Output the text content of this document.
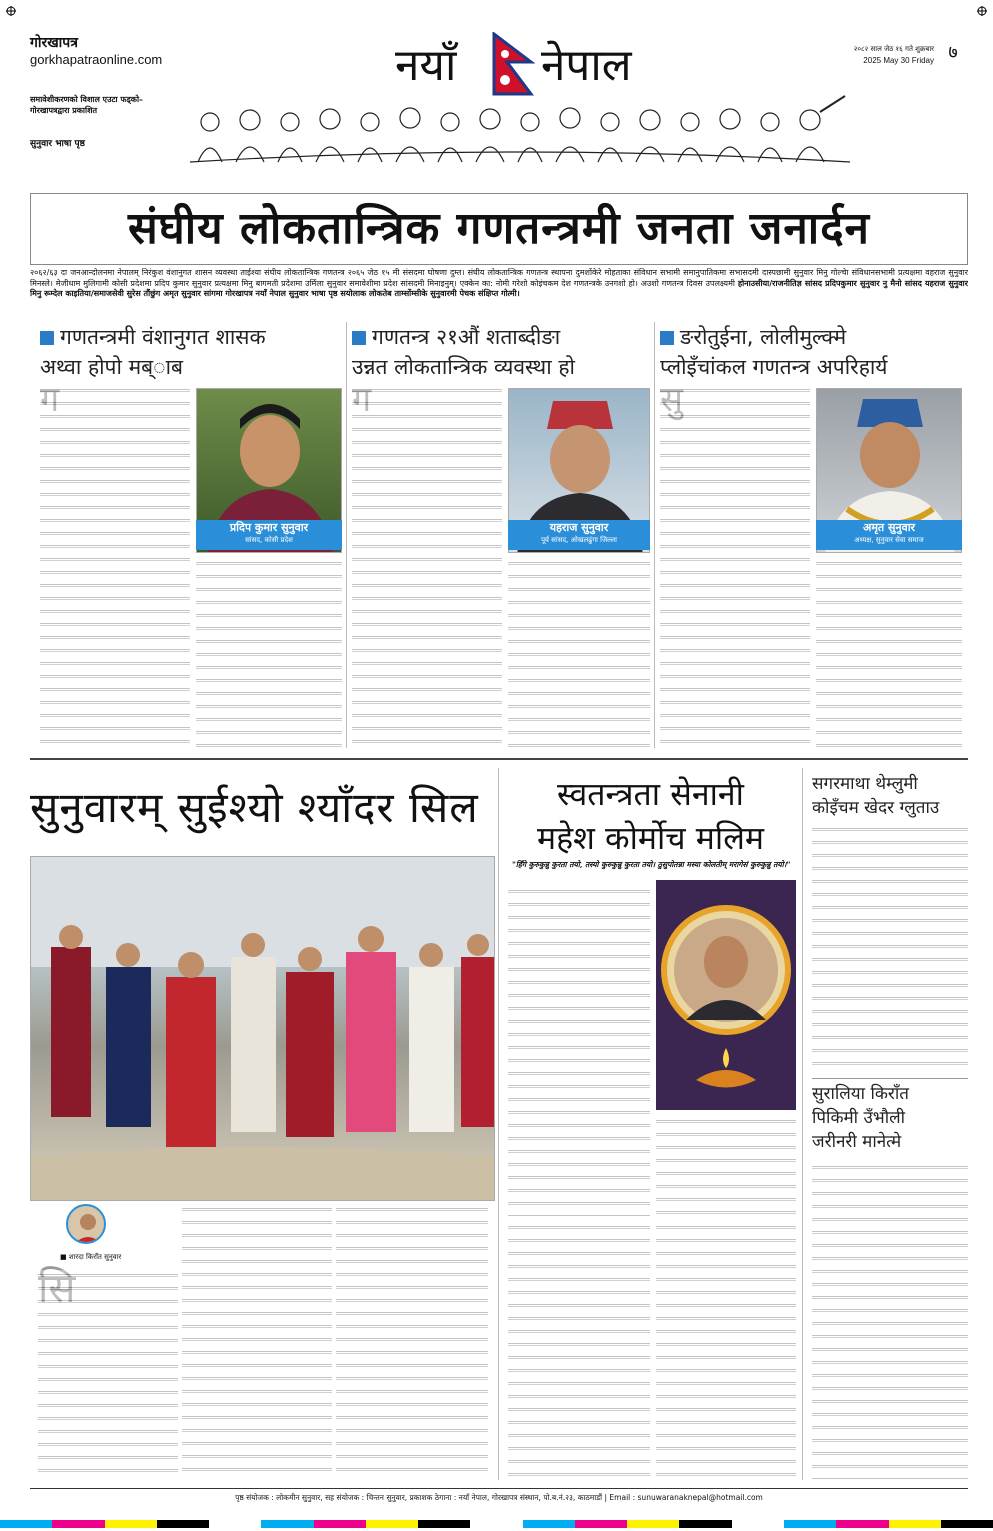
गोरखापत्र
gorkhapatraonline.com
समावेशीकरणको विशाल एउटा फड्को–
गोरखापत्रद्वारा प्रकाशित
सुनुवार भाषा पृष्ठ
नयाँ नेपाल	२०८२ साल जेठ १६ गते शुक्रबार
2025 May 30 Friday ७
संघीय लोकतान्त्रिक गणतन्त्रमी जनता जनार्दन
२०६२/६३ दा जनआन्दोलनमा नेपालम् निरंकुश वंशानुगत शासन व्यवस्था ताईश्‍या संघीय लोकतान्त्रिक गणतन्त्र २०६५ जेठ १५ मी संसदमा घोषणा दुम्त। संघीय लोकतान्त्रिक गणतन्त्र स्थापना दुमशोंकेरे मोहताका संविधान सभामी समानुपातिकमा सभासदमी दास्पछामी सुनुवार मिनु गोल्चेा संविधानसभामी प्रत्यक्षमा वहराज सुनुवार मिनस्ले। मेजीधाम मुलिगामी कोसी प्रदेशमा प्रदिप कुमार सुनुवार प्रत्यक्षमा मिनु बागमती प्रदेशमा उर्मिला सुनुवार समावेशीमा प्रदेश सांसदमी मिनाइनुम्। एक्केन का: नोमी गरेशो कोइंचकम देश गणतन्त्रके उनगशो हो। अउशो गणतन्त्र दिवस उपलक्ष्यमी होनाउसीया/राजनीतिज्ञ सांसद प्रदिपकुमार सुनुवार नु मैनो सांसद यहराज सुनुवार मिनु रूम्देल काइतिया/समाजसेवी सुरेस तौंछुंग अमृत सुनुवार सांगमा गोरखापत्र नयाँ नेपाल सुनुवार भाषा पृष्ठ सयोलाक लोकतेब ताम्सोंम्सीके सुनुवारमी पेचक संक्षिप्त गोत्मी।
गणतन्त्रमी वंशानुगत शासक
अथ्वा होपो मब्ाब
गणतन्त्र २१औं शताब्दीङा
उन्नत लोकतान्त्रिक व्यवस्था हो
ङरोतुईना, लोलीमुल्क्मे
प्लोइँचांकल गणतन्त्र अपरिहार्य
ग
प्रदिप कुमार सुनुवार
सांसद, कोसी प्रदेश
ग
यहराज सुनुवार
पूर्व सांसद, ओखलढुंगा जिल्ला
सु
अमृत सुनुवार
अध्यक्ष, सुनुवार सेवा समाज
सुनुवारम् सुईश्यो श्याँदर सिल
■ शारदा किराँत सुनुवार
सि
स्वतन्त्रता सेनानी
महेश कोर्मोच मलिम
"हिँगे कुरुकुन्नु कुरता तयो, तस्यो कुरुकुन्नु कुरता तयो। ठुसुपोतन्ना मस्या कोलतीम् मरागेसं कुरुकुन्नु तयो।"
सगरमाथा थेम्लुमी
कोइँचम खेदर ग्लुताउ
सुरालिया किराँत
पिकिमी उँभौली
जरीनरी मानेत्मे
पृष्ठ संयोजक : लोकमीन सुनुवार, सह संयोजक : चिन्तन सुनुवार, प्रकाशक ठेगाना : नयाँ नेपाल, गोरखापत्र संस्थान, पो.ब.नं.२३, काठमाडौं | Email : sunuwaranaknepal@hotmail.com
